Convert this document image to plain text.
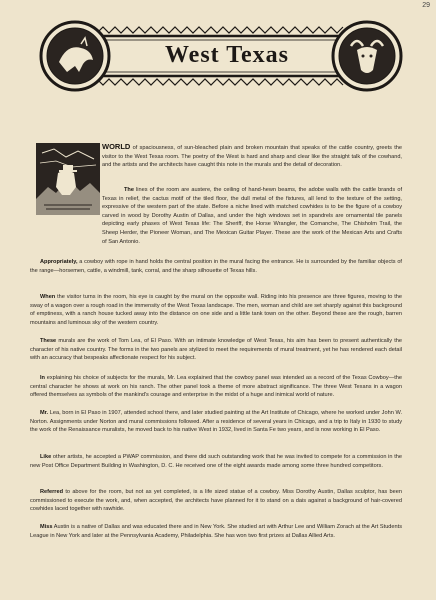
29
West Texas

WORLD of spaciousness, of sun-bleached plain and broken mountain that speaks of the cattle country, greets the visitor to the West Texas room. The poetry of the West is hard and sharp and clear like the straight talk of the cowhand, and the artists and the architects have caught this note in the murals and the detail of decoration.

The lines of the room are austere, the ceiling of hand-hewn beams, the adobe walls with the cattle brands of Texas in relief, the cactus motif of the tiled floor, the dull metal of the fixtures, all lend to the texture of the setting, expressive of the western part of the state. Before a niche lined with matched cowhides is to be the figure of a cowboy carved in wood by Dorothy Austin of Dallas, and under the high windows set in spandrels are ornamental tile panels depicting early phases of West Texas life: The Sheriff, the Horse Wrangler, the Comanche, The Chisholm Trail, the Sheep Herder, the Pioneer Woman, and The Mexican Guitar Player. These are the work of the Mexican Arts and Crafts of San Antonio.

Appropriately, a cowboy with rope in hand holds the central position in the mural facing the entrance. He is surrounded by the familiar objects of the range—horsemen, cattle, a windmill, tank, corral, and the sharp silhouette of Texas hills.

When the visitor turns in the room, his eye is caught by the mural on the opposite wall. Riding into his presence are three figures, moving to the sway of a wagon over a rough road in the immensity of the West Texas landscape. The men, woman and child are set sharply against this background of emptiness, with a ranch house tucked away into the distance on one side and a little tank town on the other. Beyond these are the rough, barren mountains and luminous sky of the western country.

These murals are the work of Tom Lea, of El Paso. With an intimate knowledge of West Texas, his aim has been to present authentically the character of his native country. The forms in the two panels are stylized to meet the requirements of mural treatment, yet he has rendered each detail with an accuracy that bespeaks affectionate respect for his subject.

In explaining his choice of subjects for the murals, Mr. Lea explained that the cowboy panel was intended as a record of the Texas Cowboy—the central character he shows at work on his ranch. The other panel took a theme of more abstract significance. The three West Texans in a wagon offered themselves as symbols of the mankind's courage and enterprise in the midst of a huge and inimical world of nature.

Mr. Lea, born in El Paso in 1907, attended school there, and later studied painting at the Art Institute of Chicago, where he worked under John W. Norton. Assignments under Norton and mural commissions followed. After a residence of several years in Chicago, and a trip to Italy in 1930 to study the work of the Renaissance muralists, he moved back to his native West in 1932, lived in Santa Fe two years, and is now working in El Paso.

Like other artists, he accepted a PWAP commission, and there did such outstanding work that he was invited to compete for a commission in the new Post Office Department Building in Washington, D. C. He received one of the eight awards made among some three hundred competitors.

Referred to above for the room, but not as yet completed, is a life sized statue of a cowboy. Miss Dorothy Austin, Dallas sculptor, has been commissioned to execute the work, and, when accepted, the architects have planned for it to stand on a dais against a background of hair-covered cowhides laced together with rawhide.

Miss Austin is a native of Dallas and was educated there and in New York. She studied art with Arthur Lee and William Zorach at the Art Students League in New York and later at the Pennsylvania Academy, Philadelphia. She has won two first prizes at Dallas Allied Arts.
